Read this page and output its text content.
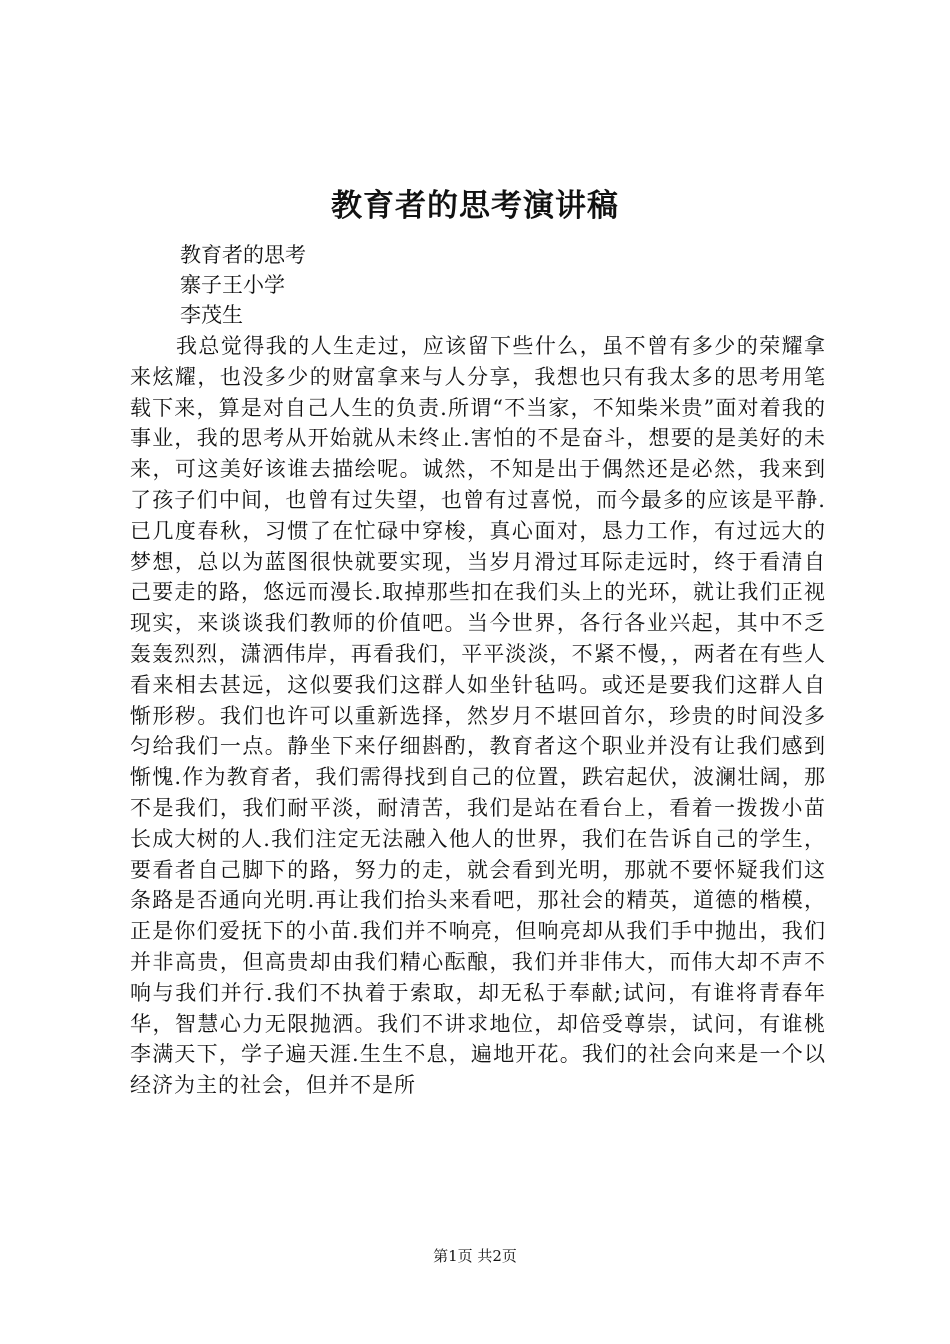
教育者的思考演讲稿

教育者的思考

寨子王小学

李茂生

我总觉得我的人生走过，应该留下些什么，虽不曾有多少的荣耀拿来炫耀，也没多少的财富拿来与人分享，我想也只有我太多的思考用笔载下来，算是对自己人生的负责.所谓“不当家，不知柴米贵”面对着我的事业，我的思考从开始就从未终止.害怕的不是奋斗，想要的是美好的未来，可这美好该谁去描绘呢。诚然，不知是出于偶然还是必然，我来到了孩子们中间，也曾有过失望，也曾有过喜悦，而今最多的应该是平静.已几度春秋，习惯了在忙碌中穿梭，真心面对，恳力工作，有过远大的梦想，总以为蓝图很快就要实现，当岁月滑过耳际走远时，终于看清自己要走的路，悠远而漫长.取掉那些扣在我们头上的光环，就让我们正视现实，来谈谈我们教师的价值吧。当今世界，各行各业兴起，其中不乏轰轰烈烈，潇洒伟岸，再看我们，平平淡淡，不紧不慢，，两者在有些人看来相去甚远，这似要我们这群人如坐针毡吗。或还是要我们这群人自惭形秽。我们也许可以重新选择，然岁月不堪回首尔，珍贵的时间没多匀给我们一点。静坐下来仔细斟酌，教育者这个职业并没有让我们感到惭愧.作为教育者，我们需得找到自己的位置，跌宕起伏，波澜壮阔，那不是我们，我们耐平淡，耐清苦，我们是站在看台上，看着一拨拨小苗长成大树的人.我们注定无法融入他人的世界，我们在告诉自己的学生，要看者自己脚下的路，努力的走，就会看到光明，那就不要怀疑我们这条路是否通向光明.再让我们抬头来看吧，那社会的精英，道德的楷模，正是你们爱抚下的小苗.我们并不响亮，但响亮却从我们手中抛出，我们并非高贵，但高贵却由我们精心酝酿，我们并非伟大，而伟大却不声不响与我们并行.我们不执着于索取，却无私于奉献;试问，有谁将青春年华，智慧心力无限抛洒。我们不讲求地位，却倍受尊崇，试问，有谁桃李满天下，学子遍天涯.生生不息，遍地开花。我们的社会向来是一个以经济为主的社会，但并不是所

第1页 共2页
